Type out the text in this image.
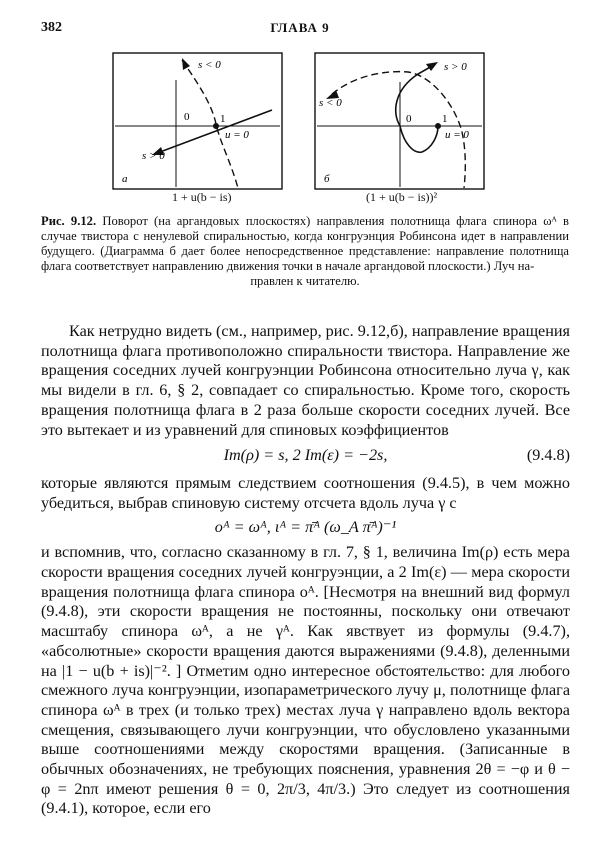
382	ГЛАВА 9
s < 0
0	1
u = 0
s > 0
а
1 + u(b − is)
s > 0
s < 0
0	1
u = 0
б
(1 + u(b − is))²
Рис. 9.12. Поворот (на аргандовых плоскостях) направления полотнища флага спинора ωᴬ в случае твистора с ненулевой спиральностью, когда конгруэнция Робинсона идет в направлении будущего. (Диаграмма б дает более непосредственное представление: направление полотнища флага соответствует направлению движения точки в начале аргандовой плоскости.) Луч на-
правлен к читателю.

Как нетрудно видеть (см., например, рис. 9.12,б), направление вращения полотнища флага противоположно спиральности твистора. Направление же вращения соседних лучей конгруэнции Робинсона относительно луча γ, как мы видели в гл. 6, § 2, совпадает со спиральностью. Кроме того, скорость вращения полотнища флага в 2 раза больше скорости соседних лучей. Все это вытекает и из уравнений для спиновых коэффициентов

Im(ρ) = s, 2 Im(ε) = −2s,	(9.4.8)

которые являются прямым следствием соотношения (9.4.5), в чем можно убедиться, выбрав спиновую систему отсчета вдоль луча γ с

oᴬ = ωᴬ, ιᴬ = π̄ᴬ (ω_A π̄ᴬ)⁻¹

и вспомнив, что, согласно сказанному в гл. 7, § 1, величина Im(ρ) есть мера скорости вращения соседних лучей конгруэнции, а 2 Im(ε) — мера скорости вращения полотнища флага спинора oᴬ. [Несмотря на внешний вид формул (9.4.8), эти скорости вращения не постоянны, поскольку они отвечают масштабу спинора ωᴬ, а не γᴬ. Как явствует из формулы (9.4.7), «абсолютные» скорости вращения даются выражениями (9.4.8), деленными на |1 − u(b + is)|⁻². ] Отметим одно интересное обстоятельство: для любого смежного луча конгруэнции, изопараметрического лучу μ, полотнище флага спинора ωᴬ в трех (и только трех) местах луча γ направлено вдоль вектора смещения, связывающего лучи конгруэнции, что обусловлено указанными выше соотношениями между скоростями вращения. (Записанные в обычных обозначениях, не требующих пояснения, уравнения 2θ = −φ и θ − φ = 2nπ имеют решения θ = 0, 2π/3, 4π/3.) Это следует из соотношения (9.4.1), которое, если его
